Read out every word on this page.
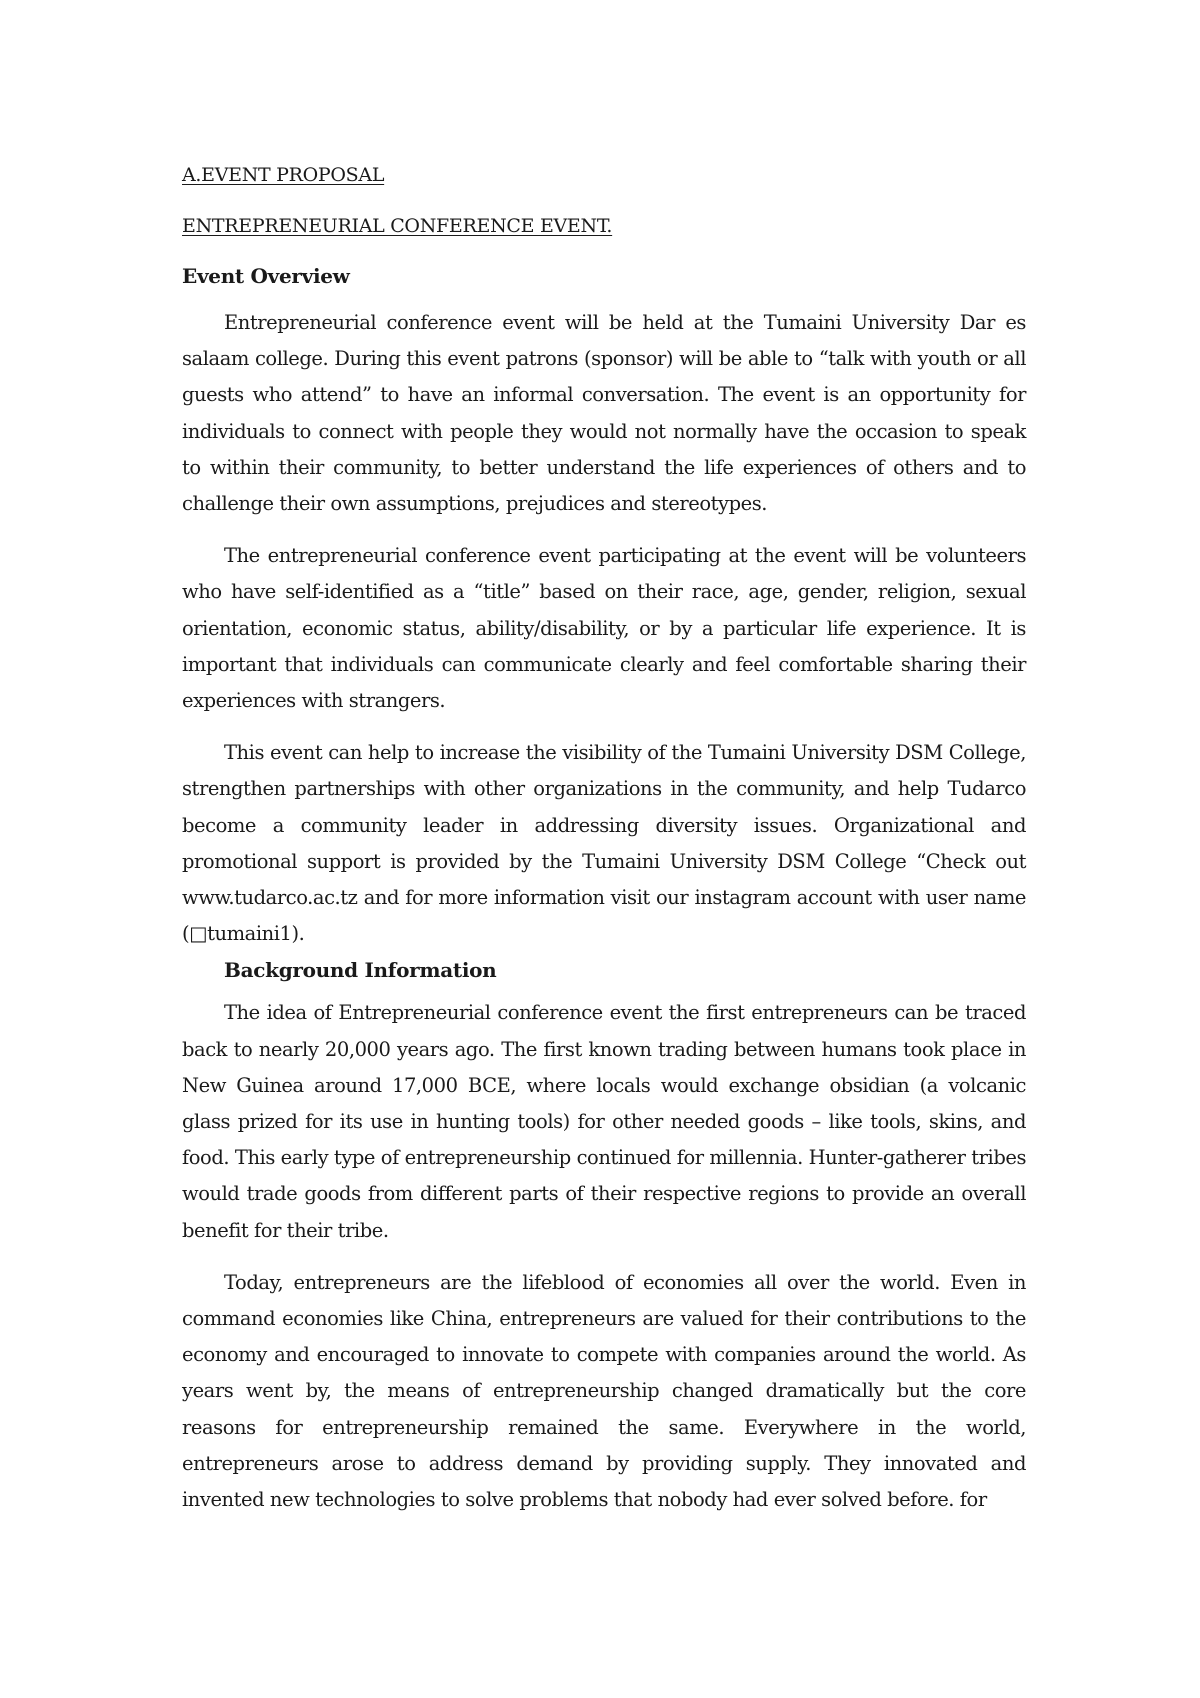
A.EVENT PROPOSAL

ENTREPRENEURIAL CONFERENCE EVENT.

Event Overview

Entrepreneurial conference event will be held at the Tumaini University Dar es salaam college. During this event patrons (sponsor) will be able to “talk with youth or all guests who attend” to have an informal conversation. The event is an opportunity for individuals to connect with people they would not normally have the occasion to speak to within their community, to better understand the life experiences of others and to challenge their own assumptions, prejudices and stereotypes.

The entrepreneurial conference event participating at the event will be volunteers who have self-identified as a “title” based on their race, age, gender, religion, sexual orientation, economic status, ability/disability, or by a particular life experience. It is important that individuals can communicate clearly and feel comfortable sharing their experiences with strangers.

This event can help to increase the visibility of the Tumaini University DSM College, strengthen partnerships with other organizations in the community, and help Tudarco become a community leader in addressing diversity issues. Organizational and promotional support is provided by the Tumaini University DSM College “Check out www.tudarco.ac.tz and for more information visit our instagram account with user name (□tumaini1).

Background Information

The idea of Entrepreneurial conference event the first entrepreneurs can be traced back to nearly 20,000 years ago. The first known trading between humans took place in New Guinea around 17,000 BCE, where locals would exchange obsidian (a volcanic glass prized for its use in hunting tools) for other needed goods – like tools, skins, and food. This early type of entrepreneurship continued for millennia. Hunter-gatherer tribes would trade goods from different parts of their respective regions to provide an overall benefit for their tribe.

Today, entrepreneurs are the lifeblood of economies all over the world. Even in command economies like China, entrepreneurs are valued for their contributions to the economy and encouraged to innovate to compete with companies around the world. As years went by, the means of entrepreneurship changed dramatically but the core reasons for entrepreneurship remained the same. Everywhere in the world, entrepreneurs arose to address demand by providing supply. They innovated and invented new technologies to solve problems that nobody had ever solved before. for
